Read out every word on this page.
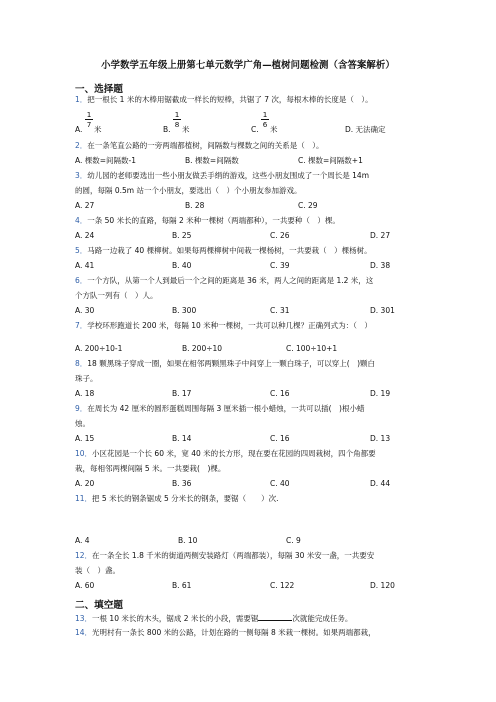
小学数学五年级上册第七单元数学广角—植树问题检测（含答案解析）
一、选择题
1．把一根长 1 米的木棒用锯截成一样长的短棒，共锯了 7 次，每根木棒的长度是（　）。
1
7
1
8
1
6
A. 米	B. 米	C. 米	D. 无法确定
2．在一条笔直公路的一旁两端都植树，间隔数与棵数之间的关系是（　）。
A. 棵数=间隔数-1	B. 棵数=间隔数	C. 棵数=间隔数+1
3．幼儿园的老师要选出一些小朋友做丢手绢的游戏，这些小朋友围成了一个周长是 14m
的圆，每隔 0.5m 站一个小朋友，要选出（　）个小朋友参加游戏。
A. 27	B. 28	C. 29
4．一条 50 米长的直路，每隔 2 米种一棵树（两端都种），一共要种（　）棵。
A. 24	B. 25	C. 26	D. 27
5．马路一边栽了 40 棵柳树。如果每两棵柳树中间栽一棵杨树，一共要栽（　）棵杨树。
A. 41	B. 40	C. 39	D. 38
6．一个方队，从第一个人到最后一个之间的距离是 36 米，两人之间的距离是 1.2 米，这
个方队一列有（　）人。
A. 30	B. 300	C. 31	D. 301
7．学校环形跑道长 200 米，每隔 10 米种一棵树，一共可以种几棵？正确列式为：（　）
A. 200÷10-1	B. 200÷10	C. 100÷10+1
8．18 颗黑珠子穿成一圈，如果在相邻两颗黑珠子中间穿上一颗白珠子，可以穿上(　)颗白
珠子。
A. 18	B. 17	C. 16	D. 19
9．在周长为 42 厘米的圆形蛋糕周围每隔 3 厘米插一根小蜡烛，一共可以插(　)根小蜡
烛。
A. 15	B. 14	C. 16	D. 13
10．小区花园是一个长 60 米，宽 40 米的长方形，现在要在花园的四周栽树，四个角都要
栽，每相邻两棵间隔 5 米。一共要栽(　)棵。
A. 20	B. 36	C. 40	D. 44
11．把 5 米长的钢条锯成 5 分米长的钢条，要锯（　　）次.
A. 4	B. 10	C. 9
12．在一条全长 1.8 千米的街道两侧安装路灯（两端都装），每隔 30 米安一盏，一共要安
装（　）盏。
A. 60	B. 61	C. 122	D. 120
二、填空题
13．一根 10 米长的木头，锯成 2 米长的小段，需要锯	次就能完成任务。
14．光明村有一条长 800 米的公路，计划在路的一侧每隔 8 米栽一棵树。如果两端都栽，
